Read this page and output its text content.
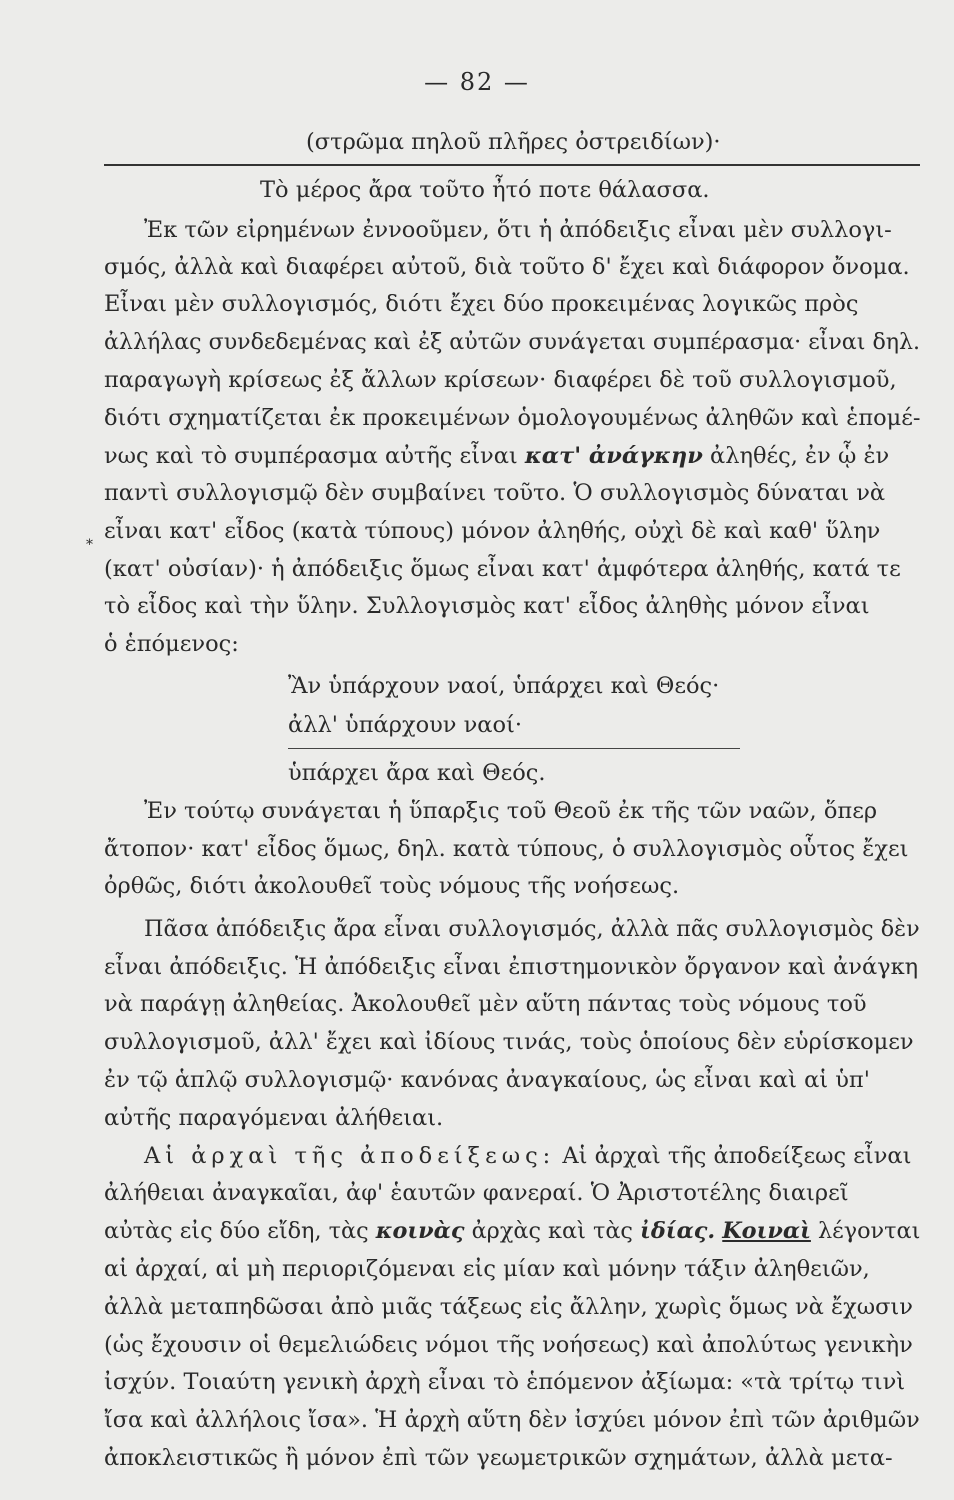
— 82 —
(στρῶμα πηλοῦ πλῆρες ὀστρειδίων)·
Τὸ μέρος ἄρα τοῦτο ἦτό ποτε θάλασσα.
Ἐκ τῶν εἰρημένων ἐννοοῦμεν, ὅτι ἡ ἀπόδειξις εἶναι μὲν συλλογι-
σμός, ἀλλὰ καὶ διαφέρει αὐτοῦ, διὰ τοῦτο δ' ἔχει καὶ διάφορον ὄνομα.
Εἶναι μὲν συλλογισμός, διότι ἔχει δύο προκειμένας λογικῶς πρὸς
ἀλλήλας συνδεδεμένας καὶ ἐξ αὐτῶν συνάγεται συμπέρασμα· εἶναι δηλ.
παραγωγὴ κρίσεως ἐξ ἄλλων κρίσεων· διαφέρει δὲ τοῦ συλλογισμοῦ,
διότι σχηματίζεται ἐκ προκειμένων ὁμολογουμένως ἀληθῶν καὶ ἑπομέ-
νως καὶ τὸ συμπέρασμα αὐτῆς εἶναι κατ' ἀνάγκην ἀληθές, ἐν ᾧ ἐν
παντὶ συλλογισμῷ δὲν συμβαίνει τοῦτο. Ὁ συλλογισμὸς δύναται νὰ
εἶναι κατ' εἶδος (κατὰ τύπους) μόνον ἀληθής, οὐχὶ δὲ καὶ καθ' ὕλην
*
(κατ' οὐσίαν)· ἡ ἀπόδειξις ὅμως εἶναι κατ' ἀμφότερα ἀληθής, κατά τε
τὸ εἶδος καὶ τὴν ὕλην. Συλλογισμὸς κατ' εἶδος ἀληθὴς μόνον εἶναι
ὁ ἑπόμενος:
Ἂν ὑπάρχουν ναοί, ὑπάρχει καὶ Θεός·
ἀλλ' ὑπάρχουν ναοί·
ὑπάρχει ἄρα καὶ Θεός.
Ἐν τούτῳ συνάγεται ἡ ὕπαρξις τοῦ Θεοῦ ἐκ τῆς τῶν ναῶν, ὅπερ
ἄτοπον· κατ' εἶδος ὅμως, δηλ. κατὰ τύπους, ὁ συλλογισμὸς οὗτος ἔχει
ὀρθῶς, διότι ἀκολουθεῖ τοὺς νόμους τῆς νοήσεως.
Πᾶσα ἀπόδειξις ἄρα εἶναι συλλογισμός, ἀλλὰ πᾶς συλλογισμὸς δὲν
εἶναι ἀπόδειξις. Ἡ ἀπόδειξις εἶναι ἐπιστημονικὸν ὄργανον καὶ ἀνάγκη
νὰ παράγῃ ἀληθείας. Ἀκολουθεῖ μὲν αὕτη πάντας τοὺς νόμους τοῦ
συλλογισμοῦ, ἀλλ' ἔχει καὶ ἰδίους τινάς, τοὺς ὁποίους δὲν εὑρίσκομεν
ἐν τῷ ἁπλῷ συλλογισμῷ· κανόνας ἀναγκαίους, ὡς εἶναι καὶ αἱ ὑπ'
αὐτῆς παραγόμεναι ἀλήθειαι.
Αἱ ἀρχαὶ τῆς ἀποδείξεως: Αἱ ἀρχαὶ τῆς ἀποδείξεως εἶναι
ἀλήθειαι ἀναγκαῖαι, ἀφ' ἑαυτῶν φανεραί. Ὁ Ἀριστοτέλης διαιρεῖ
αὐτὰς εἰς δύο εἴδη, τὰς κοινὰς ἀρχὰς καὶ τὰς ἰδίας. Κοιναὶ λέγονται
αἱ ἀρχαί, αἱ μὴ περιοριζόμεναι εἰς μίαν καὶ μόνην τάξιν ἀληθειῶν,
ἀλλὰ μεταπηδῶσαι ἀπὸ μιᾶς τάξεως εἰς ἄλλην, χωρὶς ὅμως νὰ ἔχωσιν
(ὡς ἔχουσιν οἱ θεμελιώδεις νόμοι τῆς νοήσεως) καὶ ἀπολύτως γενικὴν
ἰσχύν. Τοιαύτη γενικὴ ἀρχὴ εἶναι τὸ ἑπόμενον ἀξίωμα: «τὰ τρίτῳ τινὶ
ἴσα καὶ ἀλλήλοις ἴσα». Ἡ ἀρχὴ αὕτη δὲν ἰσχύει μόνον ἐπὶ τῶν ἀριθμῶν
ἀποκλειστικῶς ἢ μόνον ἐπὶ τῶν γεωμετρικῶν σχημάτων, ἀλλὰ μετα-
